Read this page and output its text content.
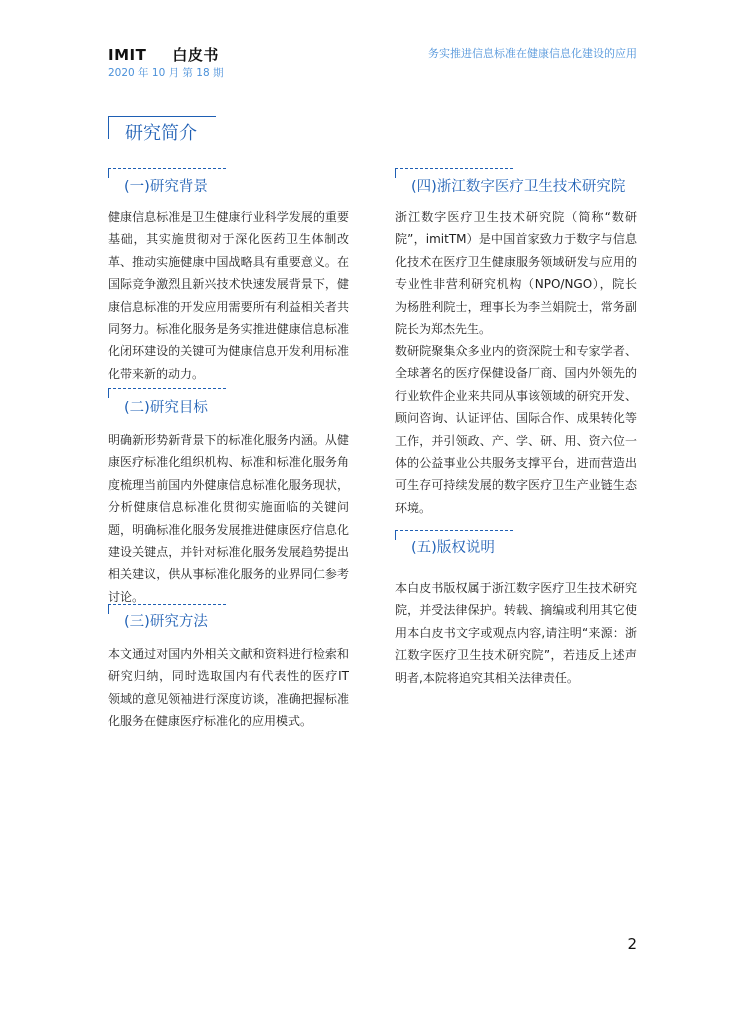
IMIT 白皮书
2020 年 10 月 第 18 期
务实推进信息标准在健康信息化建设的应用
研究简介
(一)研究背景

健康信息标准是卫生健康行业科学发展的重要基础，其实施贯彻对于深化医药卫生体制改革、推动实施健康中国战略具有重要意义。在国际竞争激烈且新兴技术快速发展背景下，健康信息标准的开发应用需要所有利益相关者共同努力。标准化服务是务实推进健康信息标准化闭环建设的关键可为健康信息开发利用标准化带来新的动力。

(二)研究目标

明确新形势新背景下的标准化服务内涵。从健康医疗标准化组织机构、标准和标准化服务角度梳理当前国内外健康信息标准化服务现状，分析健康信息标准化贯彻实施面临的关键问题，明确标准化服务发展推进健康医疗信息化建设关键点，并针对标准化服务发展趋势提出相关建议，供从事标准化服务的业界同仁参考讨论。

(三)研究方法

本文通过对国内外相关文献和资料进行检索和研究归纳，同时选取国内有代表性的医疗IT 领域的意见领袖进行深度访谈，准确把握标准化服务在健康医疗标准化的应用模式。

(四)浙江数字医疗卫生技术研究院

浙江数字医疗卫生技术研究院（简称“数研院”，imitTM）是中国首家致力于数字与信息化技术在医疗卫生健康服务领域研发与应用的专业性非营利研究机构（NPO/NGO），院长为杨胜利院士，理事长为李兰娟院士，常务副院长为郑杰先生。

数研院聚集众多业内的资深院士和专家学者、全球著名的医疗保健设备厂商、国内外领先的行业软件企业来共同从事该领域的研究开发、顾问咨询、认证评估、国际合作、成果转化等工作，并引领政、产、学、研、用、资六位一体的公益事业公共服务支撑平台，进而营造出可生存可持续发展的数字医疗卫生产业链生态环境。

(五)版权说明

本白皮书版权属于浙江数字医疗卫生技术研究院，并受法律保护。转载、摘编或利用其它使用本白皮书文字或观点内容,请注明“来源：浙江数字医疗卫生技术研究院”，若违反上述声明者,本院将追究其相关法律责任。

2
